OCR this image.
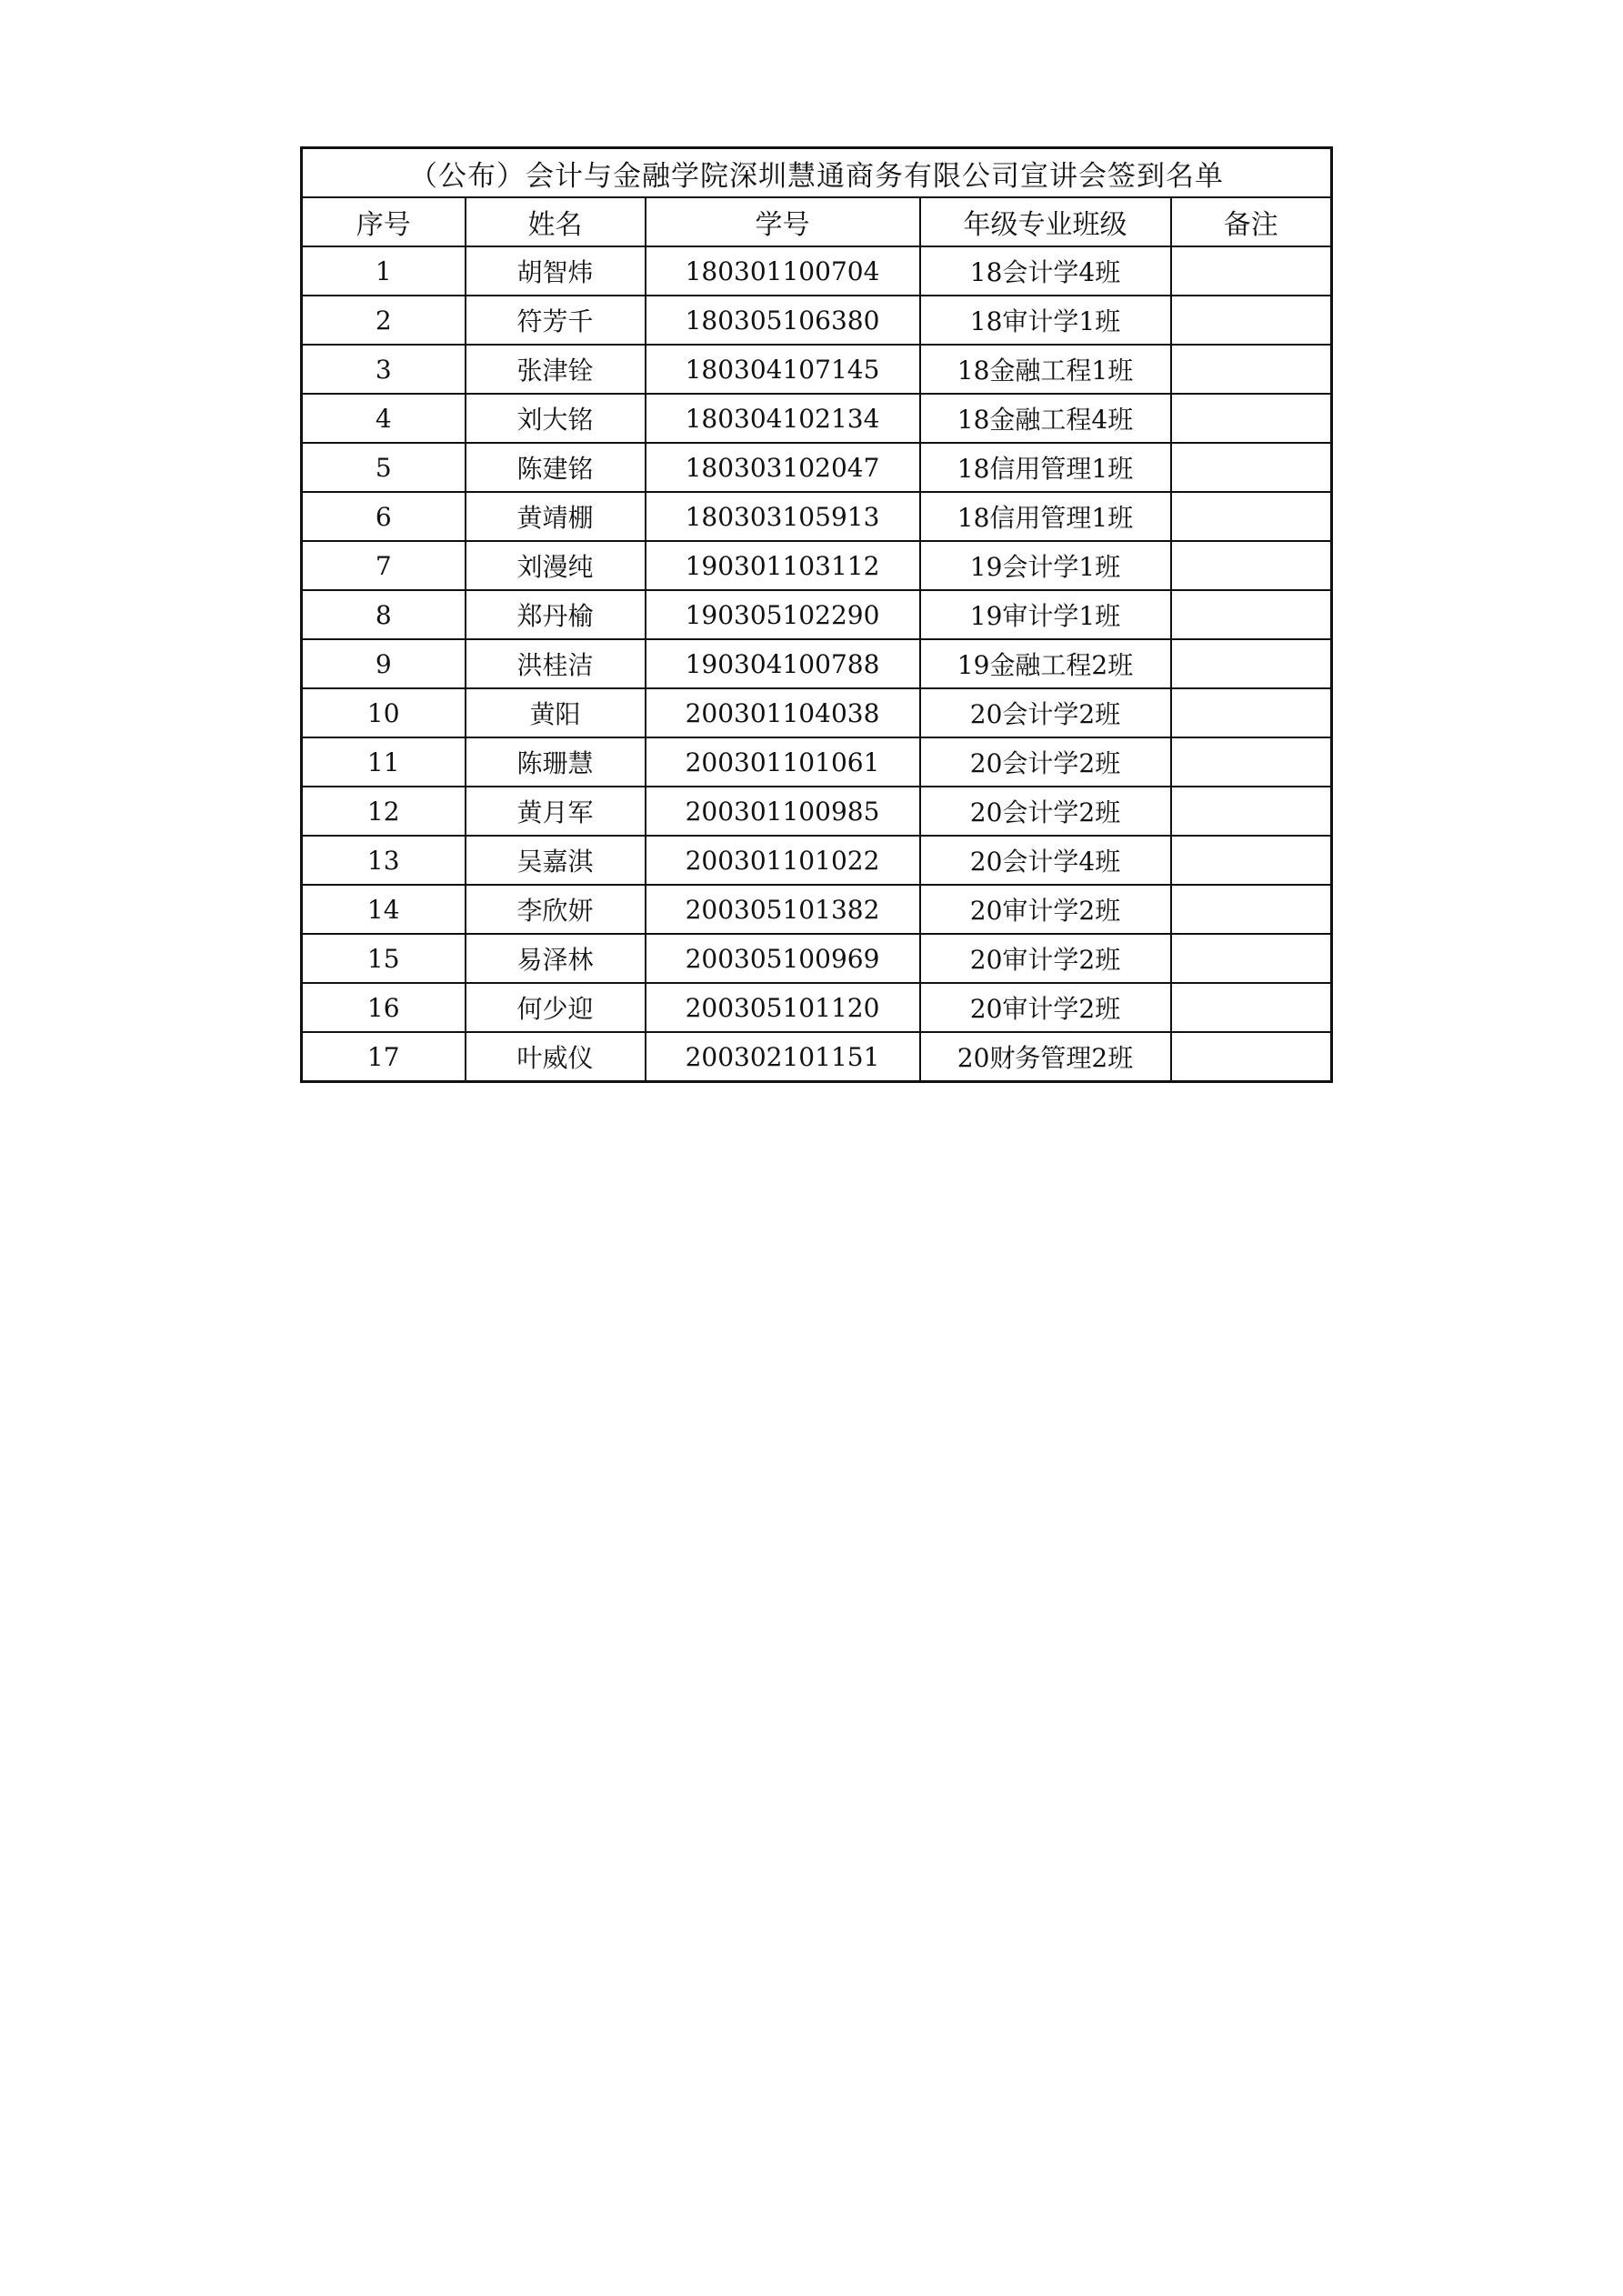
（公布）会计与金融学院深圳慧通商务有限公司宣讲会签到名单				
序号	姓名	学号	年级专业班级	备注
1	胡智炜	180301100704	18会计学4班	
2	符芳千	180305106380	18审计学1班	
3	张津铨	180304107145	18金融工程1班	
4	刘大铭	180304102134	18金融工程4班	
5	陈建铭	180303102047	18信用管理1班	
6	黄靖棚	180303105913	18信用管理1班	
7	刘漫纯	190301103112	19会计学1班	
8	郑丹榆	190305102290	19审计学1班	
9	洪桂洁	190304100788	19金融工程2班	
10	黄阳	200301104038	20会计学2班	
11	陈珊慧	200301101061	20会计学2班	
12	黄月军	200301100985	20会计学2班	
13	吴嘉淇	200301101022	20会计学4班	
14	李欣妍	200305101382	20审计学2班	
15	易泽林	200305100969	20审计学2班	
16	何少迎	200305101120	20审计学2班	
17	叶威仪	200302101151	20财务管理2班	
